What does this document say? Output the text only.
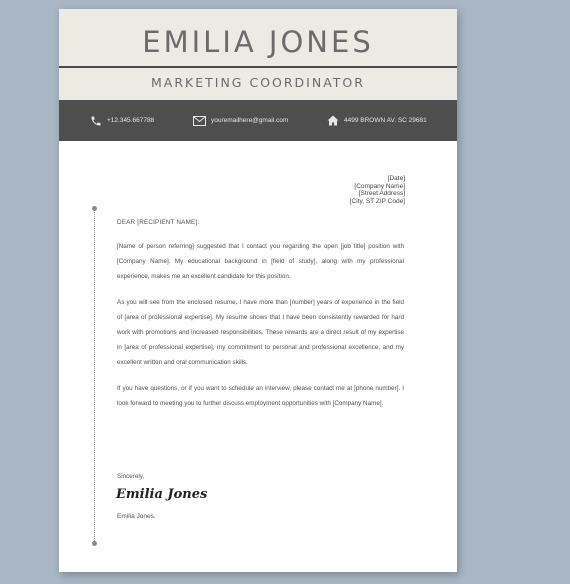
EMILIA JONES
MARKETING COORDINATOR
+12.345.667788	youremailhere@gmail.com	4499 BROWN AV. SC 29681
[Date]
[Company Name]
[Street Address]
[City, ST ZIP Code]

DEAR [RECIPIENT NAME]:

[Name of person referring] suggested that I contact you regarding the open [job title] position with [Company Name]. My educational background in [field of study], along with my professional experience, makes me an excellent candidate for this position.

As you will see from the enclosed resume, I have more than [number] years of experience in the field of [area of professional expertise]. My resume shows that I have been consistently rewarded for hard work with promotions and increased responsibilities. These rewards are a direct result of my expertise in [area of professional expertise], my commitment to personal and professional excellence, and my excellent written and oral communication skills.

If you have questions, or if you want to schedule an interview, please contact me at [phone number]. I look forward to meeting you to further discuss employment opportunities with [Company Name].

Sincerely,
Emilia Jones
Emilia Jones.
